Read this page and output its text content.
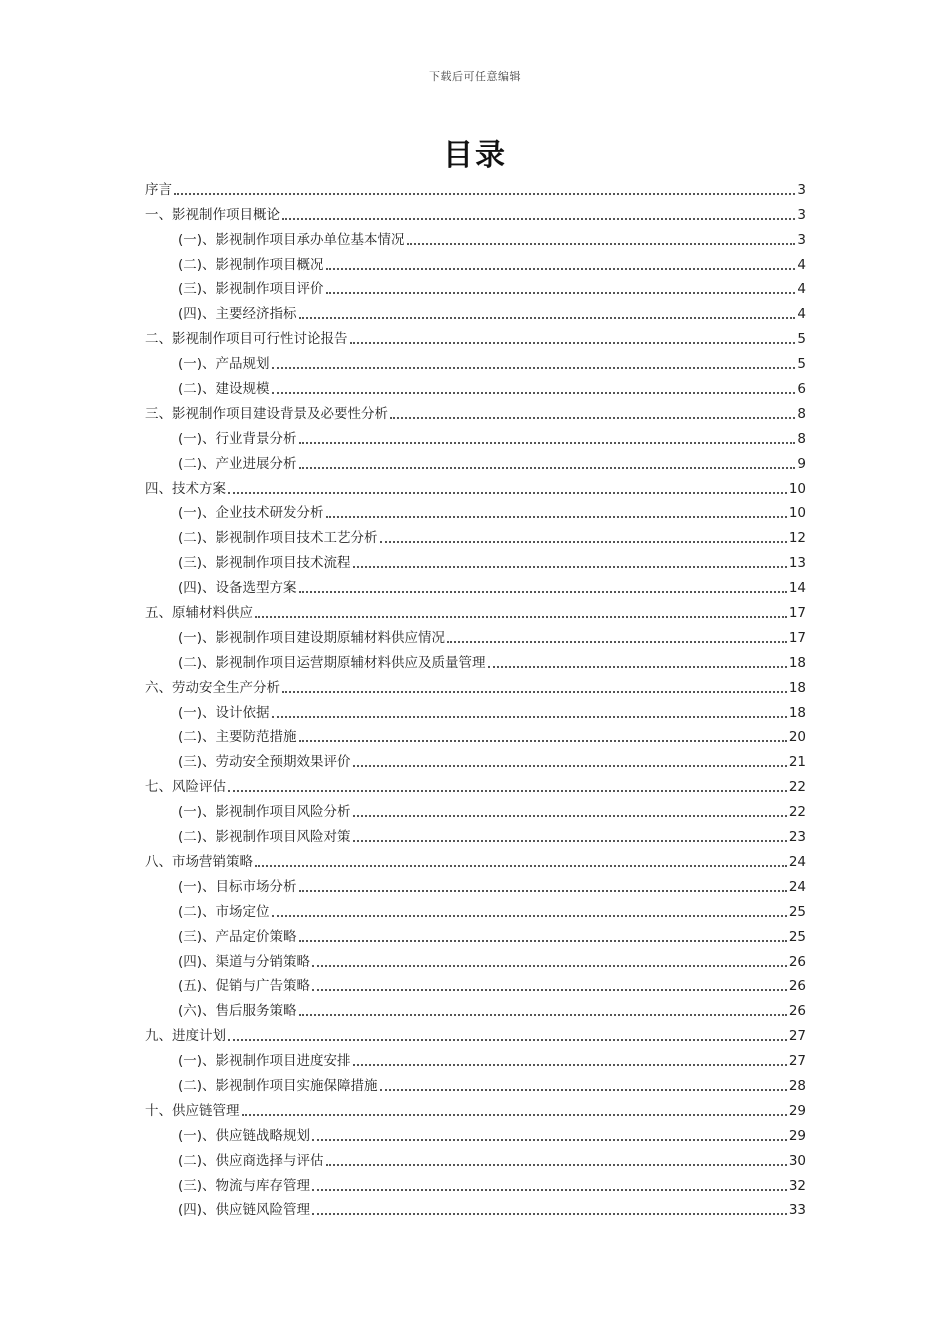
下载后可任意编辑
目录
序言	3
一、影视制作项目概论	3
(一)、影视制作项目承办单位基本情况	3
(二)、影视制作项目概况	4
(三)、影视制作项目评价	4
(四)、主要经济指标	4
二、影视制作项目可行性讨论报告	5
(一)、产品规划	5
(二)、建设规模	6
三、影视制作项目建设背景及必要性分析	8
(一)、行业背景分析	8
(二)、产业进展分析	9
四、技术方案	10
(一)、企业技术研发分析	10
(二)、影视制作项目技术工艺分析	12
(三)、影视制作项目技术流程	13
(四)、设备选型方案	14
五、原辅材料供应	17
(一)、影视制作项目建设期原辅材料供应情况	17
(二)、影视制作项目运营期原辅材料供应及质量管理	18
六、劳动安全生产分析	18
(一)、设计依据	18
(二)、主要防范措施	20
(三)、劳动安全预期效果评价	21
七、风险评估	22
(一)、影视制作项目风险分析	22
(二)、影视制作项目风险对策	23
八、市场营销策略	24
(一)、目标市场分析	24
(二)、市场定位	25
(三)、产品定价策略	25
(四)、渠道与分销策略	26
(五)、促销与广告策略	26
(六)、售后服务策略	26
九、进度计划	27
(一)、影视制作项目进度安排	27
(二)、影视制作项目实施保障措施	28
十、供应链管理	29
(一)、供应链战略规划	29
(二)、供应商选择与评估	30
(三)、物流与库存管理	32
(四)、供应链风险管理	33
